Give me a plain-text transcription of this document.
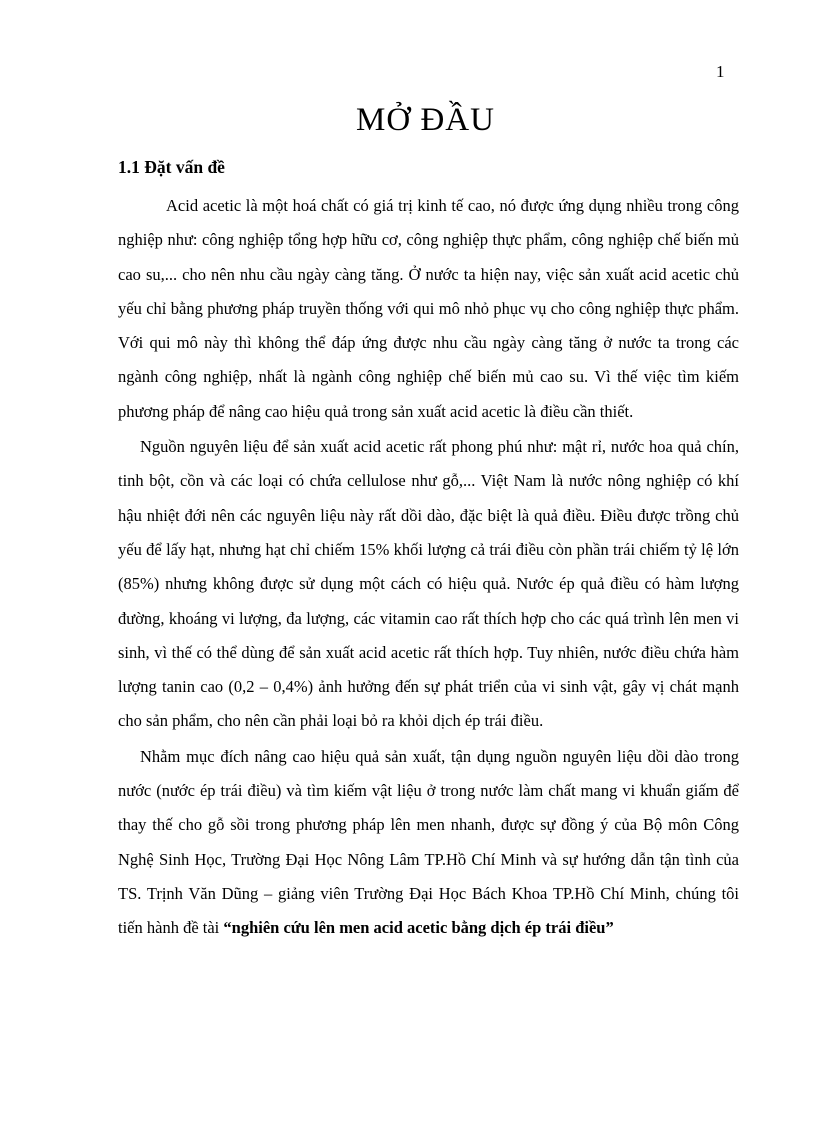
1
MỞ ĐẦU
1.1 Đặt vấn đề

Acid acetic là một hoá chất có giá trị kinh tế cao, nó được ứng dụng nhiều trong công nghiệp như: công nghiệp tổng hợp hữu cơ, công nghiệp thực phẩm, công nghiệp chế biến mủ cao su,... cho nên nhu cầu ngày càng tăng. Ở nước ta hiện nay, việc sản xuất acid acetic chủ yếu chỉ bằng phương pháp truyền thống với qui mô nhỏ phục vụ cho công nghiệp thực phẩm. Với qui mô này thì không thể đáp ứng được nhu cầu ngày càng tăng ở nước ta trong các ngành công nghiệp, nhất là ngành công nghiệp chế biến mủ cao su. Vì thế việc tìm kiếm phương pháp để nâng cao hiệu quả trong sản xuất acid acetic là điều cần thiết.

Nguồn nguyên liệu để sản xuất acid acetic rất phong phú như: mật rỉ, nước hoa quả chín, tinh bột, cồn và các loại có chứa cellulose như gỗ,... Việt Nam là nước nông nghiệp có khí hậu nhiệt đới nên các nguyên liệu này rất dồi dào, đặc biệt là quả điều. Điều được trồng chủ yếu để lấy hạt, nhưng hạt chỉ chiếm 15% khối lượng cả trái điều còn phần trái chiếm tỷ lệ lớn (85%) nhưng không được sử dụng một cách có hiệu quả. Nước ép quả điều có hàm lượng đường, khoáng vi lượng, đa lượng, các vitamin cao rất thích hợp cho các quá trình lên men vi sinh, vì thế có thể dùng để sản xuất acid acetic rất thích hợp. Tuy nhiên, nước điều chứa hàm lượng tanin cao (0,2 – 0,4%) ảnh hưởng đến sự phát triển của vi sinh vật, gây vị chát mạnh cho sản phẩm, cho nên cần phải loại bỏ ra khỏi dịch ép trái điều.

Nhằm mục đích nâng cao hiệu quả sản xuất, tận dụng nguồn nguyên liệu dồi dào trong nước (nước ép trái điều) và tìm kiếm vật liệu ở trong nước làm chất mang vi khuẩn giấm để thay thế cho gỗ sồi trong phương pháp lên men nhanh, được sự đồng ý của Bộ môn Công Nghệ Sinh Học, Trường Đại Học Nông Lâm TP.Hồ Chí Minh và sự hướng dẫn tận tình của TS. Trịnh Văn Dũng – giảng viên Trường Đại Học Bách Khoa TP.Hồ Chí Minh, chúng tôi tiến hành đề tài “nghiên cứu lên men acid acetic bằng dịch ép trái điều”
